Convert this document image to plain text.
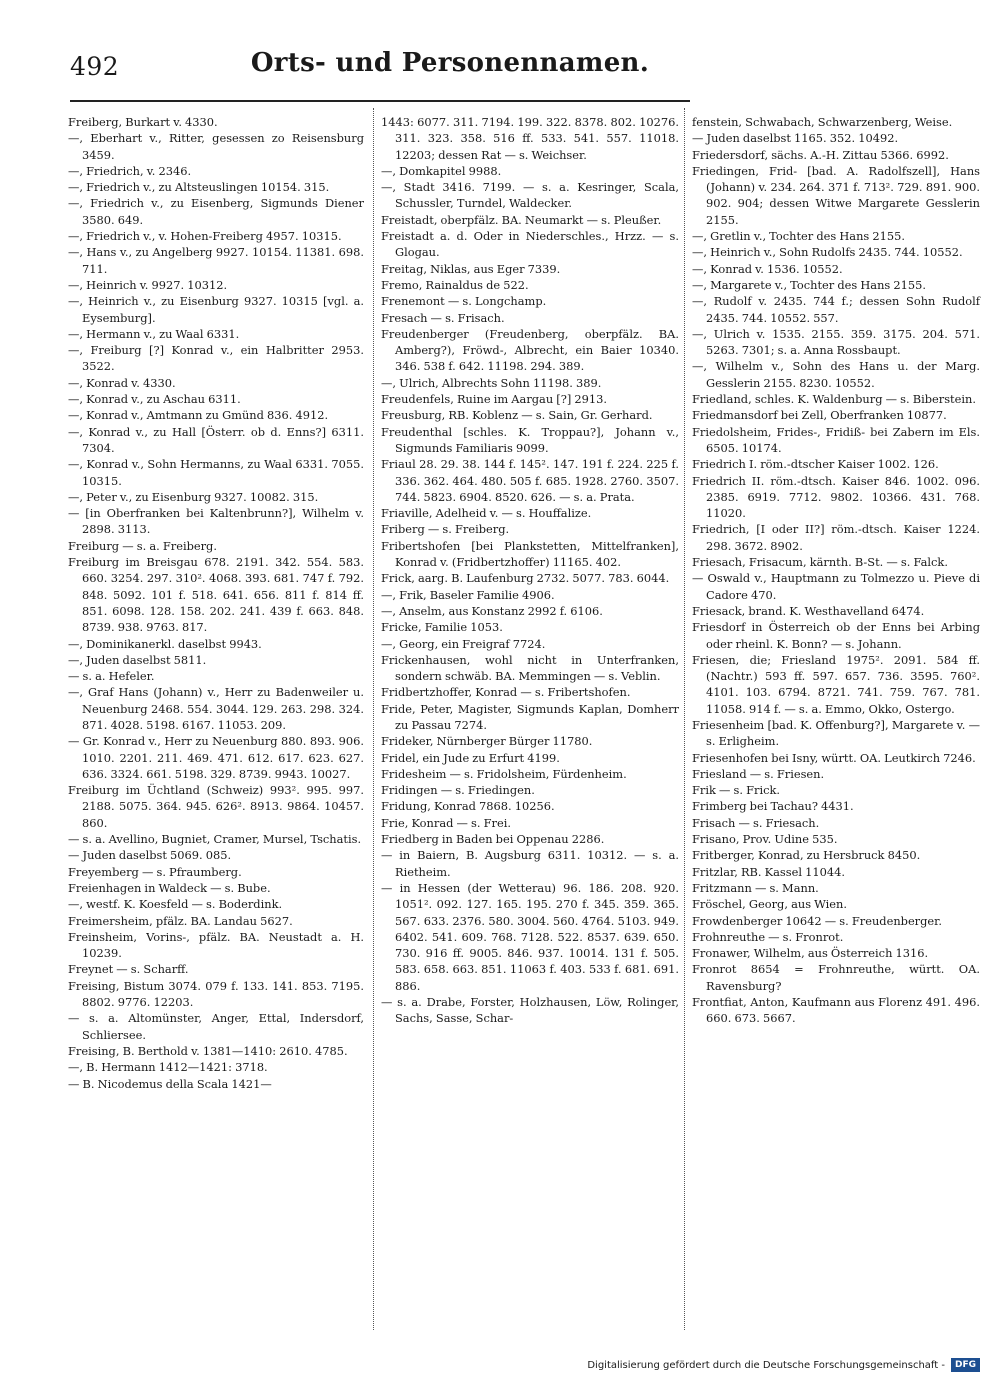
492	Orts- und Personennamen.

Freiberg, Burkart v. 4330.

—, Eberhart v., Ritter, gesessen zo Reisensburg 3459.

—, Friedrich, v. 2346.

—, Friedrich v., zu Altsteuslingen 10154. 315.

—, Friedrich v., zu Eisenberg, Sigmunds Diener 3580. 649.

—, Friedrich v., v. Hohen-Freiberg 4957. 10315.

—, Hans v., zu Angelberg 9927. 10154. 11381. 698. 711.

—, Heinrich v. 9927. 10312.

—, Heinrich v., zu Eisenburg 9327. 10315 [vgl. a. Eysemburg].

—, Hermann v., zu Waal 6331.

—, Freiburg [?] Konrad v., ein Halbritter 2953. 3522.

—, Konrad v. 4330.

—, Konrad v., zu Aschau 6311.

—, Konrad v., Amtmann zu Gmünd 836. 4912.

—, Konrad v., zu Hall [Österr. ob d. Enns?] 6311. 7304.

—, Konrad v., Sohn Hermanns, zu Waal 6331. 7055. 10315.

—, Peter v., zu Eisenburg 9327. 10082. 315.

— [in Oberfranken bei Kaltenbrunn?], Wilhelm v. 2898. 3113.

Freiburg — s. a. Freiberg.

Freiburg im Breisgau 678. 2191. 342. 554. 583. 660. 3254. 297. 310². 4068. 393. 681. 747 f. 792. 848. 5092. 101 f. 518. 641. 656. 811 f. 814 ff. 851. 6098. 128. 158. 202. 241. 439 f. 663. 848. 8739. 938. 9763. 817.

—, Dominikanerkl. daselbst 9943.

—, Juden daselbst 5811.

— s. a. Hefeler.

—, Graf Hans (Johann) v., Herr zu Badenweiler u. Neuenburg 2468. 554. 3044. 129. 263. 298. 324. 871. 4028. 5198. 6167. 11053. 209.

— Gr. Konrad v., Herr zu Neuenburg 880. 893. 906. 1010. 2201. 211. 469. 471. 612. 617. 623. 627. 636. 3324. 661. 5198. 329. 8739. 9943. 10027.

Freiburg im Üchtland (Schweiz) 993². 995. 997. 2188. 5075. 364. 945. 626². 8913. 9864. 10457. 860.

— s. a. Avellino, Bugniet, Cramer, Mursel, Tschatis.

— Juden daselbst 5069. 085.

Freyemberg — s. Pfraumberg.

Freienhagen in Waldeck — s. Bube.

—, westf. K. Koesfeld — s. Boderdink.

Freimersheim, pfälz. BA. Landau 5627.

Freinsheim, Vorins-, pfälz. BA. Neustadt a. H. 10239.

Freynet — s. Scharff.

Freising, Bistum 3074. 079 f. 133. 141. 853. 7195. 8802. 9776. 12203.

— s. a. Altomünster, Anger, Ettal, Indersdorf, Schliersee.

Freising, B. Berthold v. 1381—1410: 2610. 4785.

—, B. Hermann 1412—1421: 3718.

— B. Nicodemus della Scala 1421—

1443: 6077. 311. 7194. 199. 322. 8378. 802. 10276. 311. 323. 358. 516 ff. 533. 541. 557. 11018. 12203; dessen Rat — s. Weichser.

—, Domkapitel 9988.

—, Stadt 3416. 7199. — s. a. Kesringer, Scala, Schussler, Turndel, Waldecker.

Freistadt, oberpfälz. BA. Neumarkt — s. Pleußer.

Freistadt a. d. Oder in Niederschles., Hrzz. — s. Glogau.

Freitag, Niklas, aus Eger 7339.

Fremo, Rainaldus de 522.

Frenemont — s. Longchamp.

Fresach — s. Frisach.

Freudenberger (Freudenberg, oberpfälz. BA. Amberg?), Fröwd-, Albrecht, ein Baier 10340. 346. 538 f. 642. 11198. 294. 389.

—, Ulrich, Albrechts Sohn 11198. 389.

Freudenfels, Ruine im Aargau [?] 2913.

Freusburg, RB. Koblenz — s. Sain, Gr. Gerhard.

Freudenthal [schles. K. Troppau?], Johann v., Sigmunds Familiaris 9099.

Friaul 28. 29. 38. 144 f. 145². 147. 191 f. 224. 225 f. 336. 362. 464. 480. 505 f. 685. 1928. 2760. 3507. 744. 5823. 6904. 8520. 626. — s. a. Prata.

Friaville, Adelheid v. — s. Houffalize.

Friberg — s. Freiberg.

Fribertshofen [bei Plankstetten, Mittelfranken], Konrad v. (Fridbertzhoffer) 11165. 402.

Frick, aarg. B. Laufenburg 2732. 5077. 783. 6044.

—, Frik, Baseler Familie 4906.

—, Anselm, aus Konstanz 2992 f. 6106.

Fricke, Familie 1053.

—, Georg, ein Freigraf 7724.

Frickenhausen, wohl nicht in Unterfranken, sondern schwäb. BA. Memmingen — s. Veblin.

Fridbertzhoffer, Konrad — s. Fribertshofen.

Fride, Peter, Magister, Sigmunds Kaplan, Domherr zu Passau 7274.

Frideker, Nürnberger Bürger 11780.

Fridel, ein Jude zu Erfurt 4199.

Fridesheim — s. Fridolsheim, Fürdenheim.

Fridingen — s. Friedingen.

Fridung, Konrad 7868. 10256.

Frie, Konrad — s. Frei.

Friedberg in Baden bei Oppenau 2286.

— in Baiern, B. Augsburg 6311. 10312. — s. a. Rietheim.

— in Hessen (der Wetterau) 96. 186. 208. 920. 1051². 092. 127. 165. 195. 270 f. 345. 359. 365. 567. 633. 2376. 580. 3004. 560. 4764. 5103. 949. 6402. 541. 609. 768. 7128. 522. 8537. 639. 650. 730. 916 ff. 9005. 846. 937. 10014. 131 f. 505. 583. 658. 663. 851. 11063 f. 403. 533 f. 681. 691. 886.

— s. a. Drabe, Forster, Holzhausen, Löw, Rolinger, Sachs, Sasse, Schar-

fenstein, Schwabach, Schwarzenberg, Weise.

— Juden daselbst 1165. 352. 10492.

Friedersdorf, sächs. A.-H. Zittau 5366. 6992.

Friedingen, Frid- [bad. A. Radolfszell], Hans (Johann) v. 234. 264. 371 f. 713². 729. 891. 900. 902. 904; dessen Witwe Margarete Gesslerin 2155.

—, Gretlin v., Tochter des Hans 2155.

—, Heinrich v., Sohn Rudolfs 2435. 744. 10552.

—, Konrad v. 1536. 10552.

—, Margarete v., Tochter des Hans 2155.

—, Rudolf v. 2435. 744 f.; dessen Sohn Rudolf 2435. 744. 10552. 557.

—, Ulrich v. 1535. 2155. 359. 3175. 204. 571. 5263. 7301; s. a. Anna Rossbaupt.

—, Wilhelm v., Sohn des Hans u. der Marg. Gesslerin 2155. 8230. 10552.

Friedland, schles. K. Waldenburg — s. Biberstein.

Friedmansdorf bei Zell, Oberfranken 10877.

Friedolsheim, Frides-, Fridiß- bei Zabern im Els. 6505. 10174.

Friedrich I. röm.-dtscher Kaiser 1002. 126.

Friedrich II. röm.-dtsch. Kaiser 846. 1002. 096. 2385. 6919. 7712. 9802. 10366. 431. 768. 11020.

Friedrich, [I oder II?] röm.-dtsch. Kaiser 1224. 298. 3672. 8902.

Friesach, Frisacum, kärnth. B-St. — s. Falck.

— Oswald v., Hauptmann zu Tolmezzo u. Pieve di Cadore 470.

Friesack, brand. K. Westhavelland 6474.

Friesdorf in Österreich ob der Enns bei Arbing oder rheinl. K. Bonn? — s. Johann.

Friesen, die; Friesland 1975². 2091. 584 ff. (Nachtr.) 593 ff. 597. 657. 736. 3595. 760². 4101. 103. 6794. 8721. 741. 759. 767. 781. 11058. 914 f. — s. a. Emmo, Okko, Ostergo.

Friesenheim [bad. K. Offenburg?], Margarete v. — s. Erligheim.

Friesenhofen bei Isny, württ. OA. Leutkirch 7246.

Friesland — s. Friesen.

Frik — s. Frick.

Frimberg bei Tachau? 4431.

Frisach — s. Friesach.

Frisano, Prov. Udine 535.

Fritberger, Konrad, zu Hersbruck 8450.

Fritzlar, RB. Kassel 11044.

Fritzmann — s. Mann.

Fröschel, Georg, aus Wien.

Frowdenberger 10642 — s. Freudenberger.

Frohnreuthe — s. Fronrot.

Fronawer, Wilhelm, aus Österreich 1316.

Fronrot 8654 = Frohnreuthe, württ. OA. Ravensburg?

Frontfiat, Anton, Kaufmann aus Florenz 491. 496. 660. 673. 5667.

Digitalisierung gefördert durch die Deutsche Forschungsgemeinschaft -	DFG
